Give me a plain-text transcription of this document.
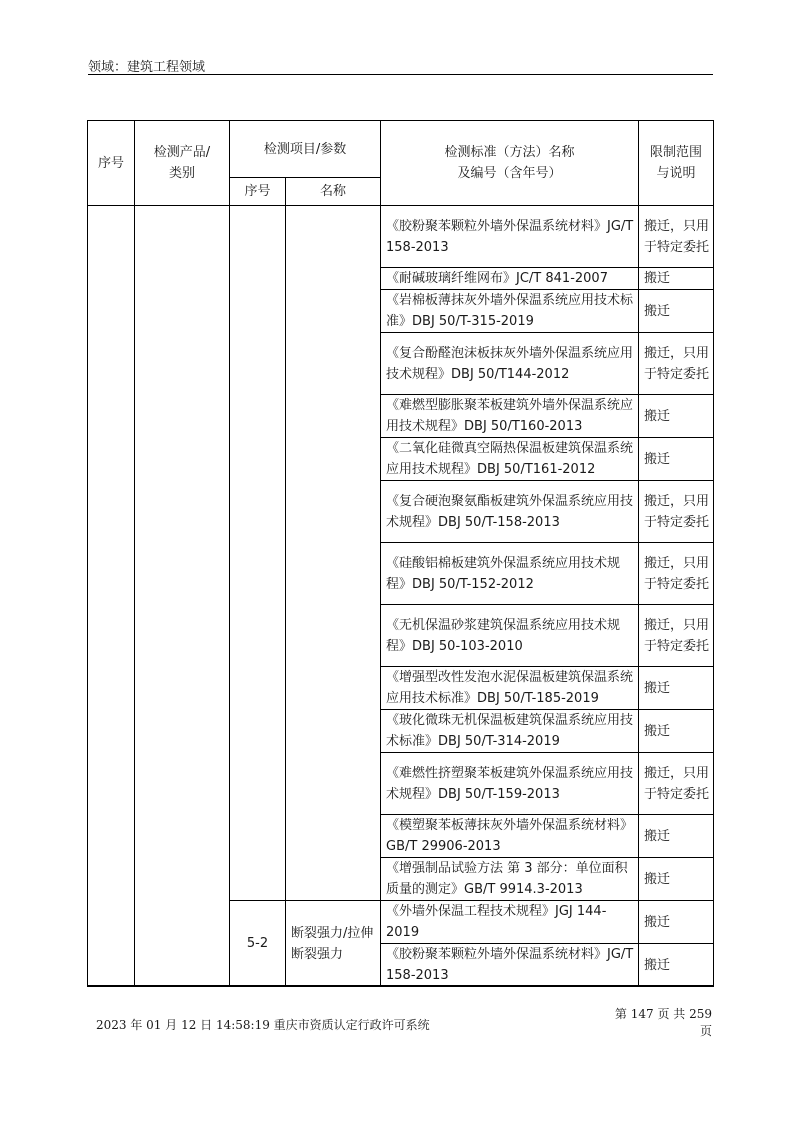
领域：建筑工程领域
序号	检测产品/类别	检测项目/参数		检测标准（方法）名称及编号（含年号）	限制范围与说明
		序号	名称		
				《胶粉聚苯颗粒外墙外保温系统材料》JG/T 158-2013	搬迁，只用于特定委托
				《耐碱玻璃纤维网布》JC/T 841-2007	搬迁
				《岩棉板薄抹灰外墙外保温系统应用技术标准》DBJ 50/T-315-2019	搬迁
				《复合酚醛泡沫板抹灰外墙外保温系统应用技术规程》DBJ 50/T144-2012	搬迁，只用于特定委托
				《难燃型膨胀聚苯板建筑外墙外保温系统应用技术规程》DBJ 50/T160-2013	搬迁
				《二氧化硅微真空隔热保温板建筑保温系统应用技术规程》DBJ 50/T161-2012	搬迁
				《复合硬泡聚氨酯板建筑外保温系统应用技术规程》DBJ 50/T-158-2013	搬迁，只用于特定委托
				《硅酸铝棉板建筑外保温系统应用技术规程》DBJ 50/T-152-2012	搬迁，只用于特定委托
				《无机保温砂浆建筑保温系统应用技术规程》DBJ 50-103-2010	搬迁，只用于特定委托
				《增强型改性发泡水泥保温板建筑保温系统应用技术标准》DBJ 50/T-185-2019	搬迁
				《玻化微珠无机保温板建筑保温系统应用技术标准》DBJ 50/T-314-2019	搬迁
				《难燃性挤塑聚苯板建筑外保温系统应用技术规程》DBJ 50/T-159-2013	搬迁，只用于特定委托
				《模塑聚苯板薄抹灰外墙外保温系统材料》GB/T 29906-2013	搬迁
				《增强制品试验方法 第 3 部分：单位面积质量的测定》GB/T 9914.3-2013	搬迁
		5-2	断裂强力/拉伸断裂强力	《外墙外保温工程技术规程》JGJ 144-2019	搬迁
				《胶粉聚苯颗粒外墙外保温系统材料》JG/T 158-2013	搬迁
2023 年 01 月 12 日 14:58:19 重庆市资质认定行政许可系统
第 147 页 共 259 页
